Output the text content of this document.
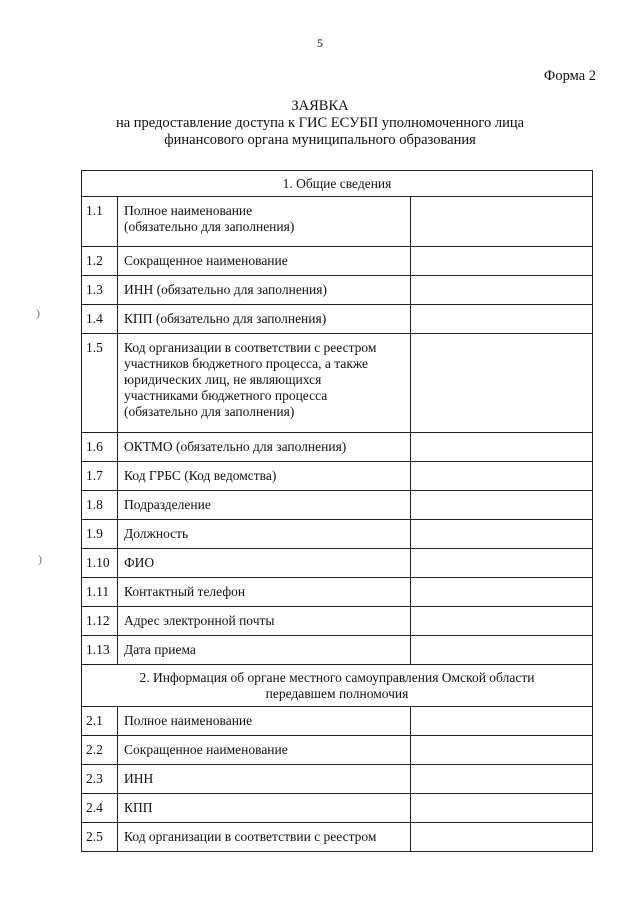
5
Форма 2
ЗАЯВКА
на предоставление доступа к ГИС ЕСУБП уполномоченного лица
финансового органа муниципального образования
)
)
1. Общие сведения		
1.1	Полное наименование
(обязательно для заполнения)	
1.2	Сокращенное наименование	
1.3	ИНН (обязательно для заполнения)	
1.4	КПП (обязательно для заполнения)	
1.5	Код организации в соответствии с реестром
участников бюджетного процесса, а также
юридических лиц, не являющихся
участниками бюджетного процесса
(обязательно для заполнения)	
1.6	ОКТМО (обязательно для заполнения)	
1.7	Код ГРБС (Код ведомства)	
1.8	Подразделение	
1.9	Должность	
1.10	ФИО	
1.11	Контактный телефон	
1.12	Адрес электронной почты	
1.13	Дата приема	
2. Информация об органе местного самоуправления Омской области
передавшем полномочия		
2.1	Полное наименование	
2.2	Сокращенное наименование	
2.3	ИНН	
2.4	КПП	
2.5	Код организации в соответствии с реестром	
